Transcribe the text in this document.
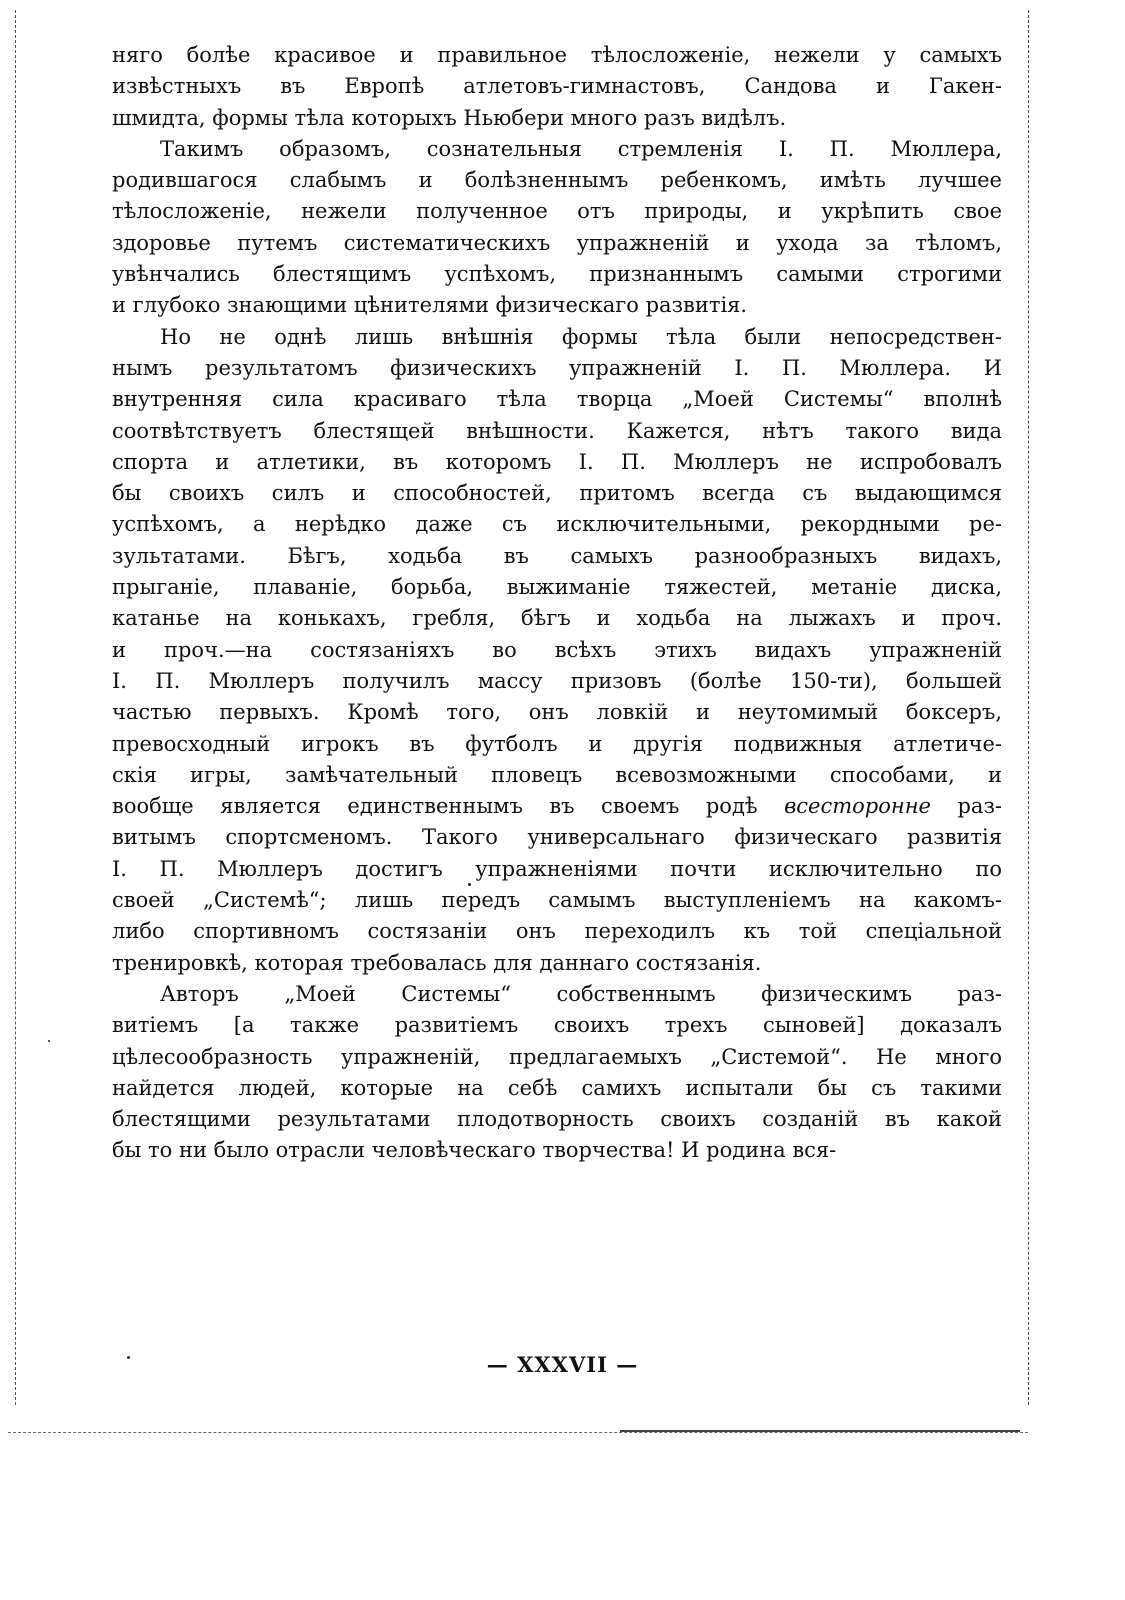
няго болѣе красивое и правильное тѣлосложеніе, нежели у самыхъ
извѣстныхъ въ Европѣ атлетовъ-гимнастовъ, Сандова и Гакен-
шмидта, формы тѣла которыхъ Ньюбери много разъ видѣлъ.
Такимъ образомъ, сознательныя стремленія I. П. Мюллера,
родившагося слабымъ и болѣзненнымъ ребенкомъ, имѣть лучшее
тѣлосложеніе, нежели полученное отъ природы, и укрѣпить свое
здоровье путемъ систематическихъ упражненій и ухода за тѣломъ,
увѣнчались блестящимъ успѣхомъ, признаннымъ самыми строгими
и глубоко знающими цѣнителями физическаго развитія.
Но не однѣ лишь внѣшнія формы тѣла были непосредствен-
нымъ результатомъ физическихъ упражненій I. П. Мюллера. И
внутренняя сила красиваго тѣла творца „Моей Системы“ вполнѣ
соотвѣтствуетъ блестящей внѣшности. Кажется, нѣтъ такого вида
спорта и атлетики, въ которомъ I. П. Мюллеръ не испробовалъ
бы своихъ силъ и способностей, притомъ всегда съ выдающимся
успѣхомъ, а нерѣдко даже съ исключительными, рекордными ре-
зультатами. Бѣгъ, ходьба въ самыхъ разнообразныхъ видахъ,
прыганіе, плаваніе, борьба, выжиманіе тяжестей, метаніе диска,
катанье на конькахъ, гребля, бѣгъ и ходьба на лыжахъ и проч.
и проч.—на состязаніяхъ во всѣхъ этихъ видахъ упражненій
I. П. Мюллеръ получилъ массу призовъ (болѣе 150-ти), большей
частью первыхъ. Кромѣ того, онъ ловкій и неутомимый боксеръ,
превосходный игрокъ въ футболъ и другія подвижныя атлетиче-
скія игры, замѣчательный пловецъ всевозможными способами, и
вообще является единственнымъ въ своемъ родѣ всесторонне раз-
витымъ спортсменомъ. Такого универсальнаго физическаго развитія
I. П. Мюллеръ достигъ упражненіями почти исключительно по
своей „Системѣ“; лишь передъ самымъ выступленіемъ на какомъ-
либо спортивномъ состязаніи онъ переходилъ къ той спеціальной
тренировкѣ, которая требовалась для даннаго состязанія.
Авторъ „Моей Системы“ собственнымъ физическимъ раз-
витіемъ [а также развитіемъ своихъ трехъ сыновей] доказалъ
цѣлесообразность упражненій, предлагаемыхъ „Системой“. Не много
найдется людей, которые на себѣ самихъ испытали бы съ такими
блестящими результатами плодотворность своихъ созданій въ какой
бы то ни было отрасли человѣческаго творчества! И родина вся-
— XXXVII —
